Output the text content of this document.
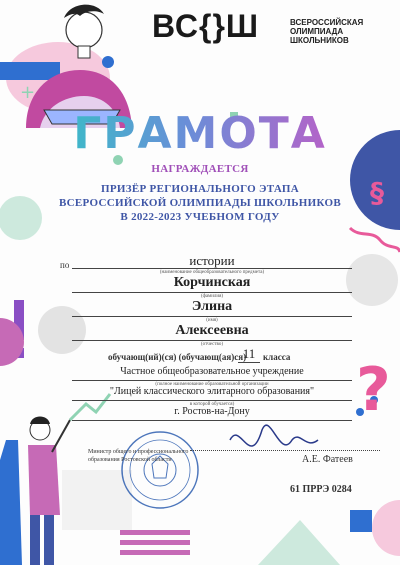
+
§
?
ВС{}Ш	ВСЕРОССИЙСКАЯ
ОЛИМПИАДА
ШКОЛЬНИКОВ
ГРАМОТА
НАГРАЖДАЕТСЯ
ПРИЗЁР РЕГИОНАЛЬНОГО ЭТАПА
ВСЕРОССИЙСКОЙ ОЛИМПИАДЫ ШКОЛЬНИКОВ
В 2022-2023 УЧЕБНОМ ГОДУ
по	истории
(наименование общеобразовательного предмета)
Корчинская
(фамилия)
Элина
(имя)
Алексеевна
(отчество)
обучающ(ий)(ся) (обучающ(ая)ся)
11 класса
Частное общеобразовательное учреждение
(полное наименование образовательной организации
"Лицей классического элитарного образования"
в которой обучается)
г. Ростов-на-Дону
Министр общего и профессионального образования Ростовской области	А.Е. Фатеев
61 ПРРЭ 0284
